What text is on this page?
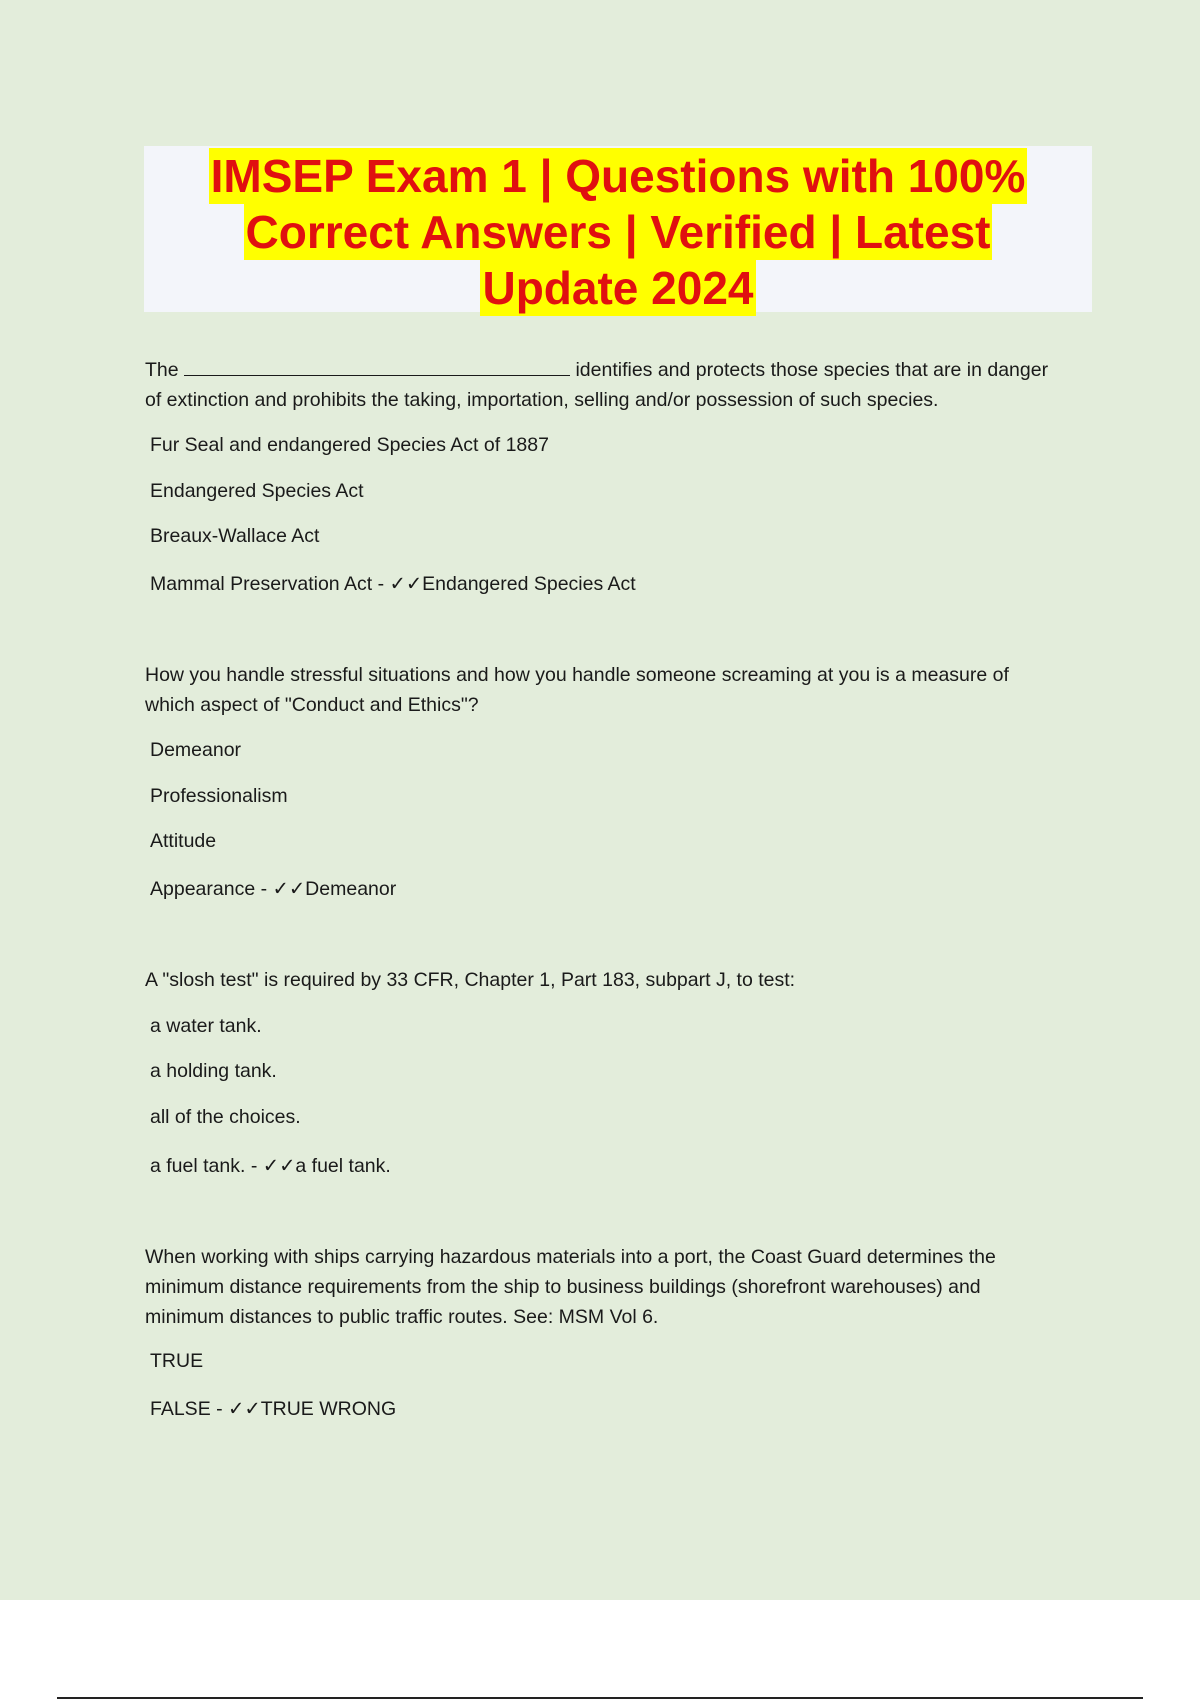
IMSEP Exam 1 | Questions with 100%
Correct Answers | Verified | Latest
Update 2024

The	identifies and protects those species that are in danger
of extinction and prohibits the taking, importation, selling and/or possession of such species.

Fur Seal and endangered Species Act of 1887
Endangered Species Act
Breaux-Wallace Act
Mammal Preservation Act - ✓✓Endangered Species Act

How you handle stressful situations and how you handle someone screaming at you is a measure of
which aspect of "Conduct and Ethics"?

Demeanor
Professionalism
Attitude
Appearance - ✓✓Demeanor

A "slosh test" is required by 33 CFR, Chapter 1, Part 183, subpart J, to test:

a water tank.
a holding tank.
all of the choices.
a fuel tank. - ✓✓a fuel tank.

When working with ships carrying hazardous materials into a port, the Coast Guard determines the
minimum distance requirements from the ship to business buildings (shorefront warehouses) and
minimum distances to public traffic routes. See: MSM Vol 6.

TRUE
FALSE - ✓✓TRUE WRONG
